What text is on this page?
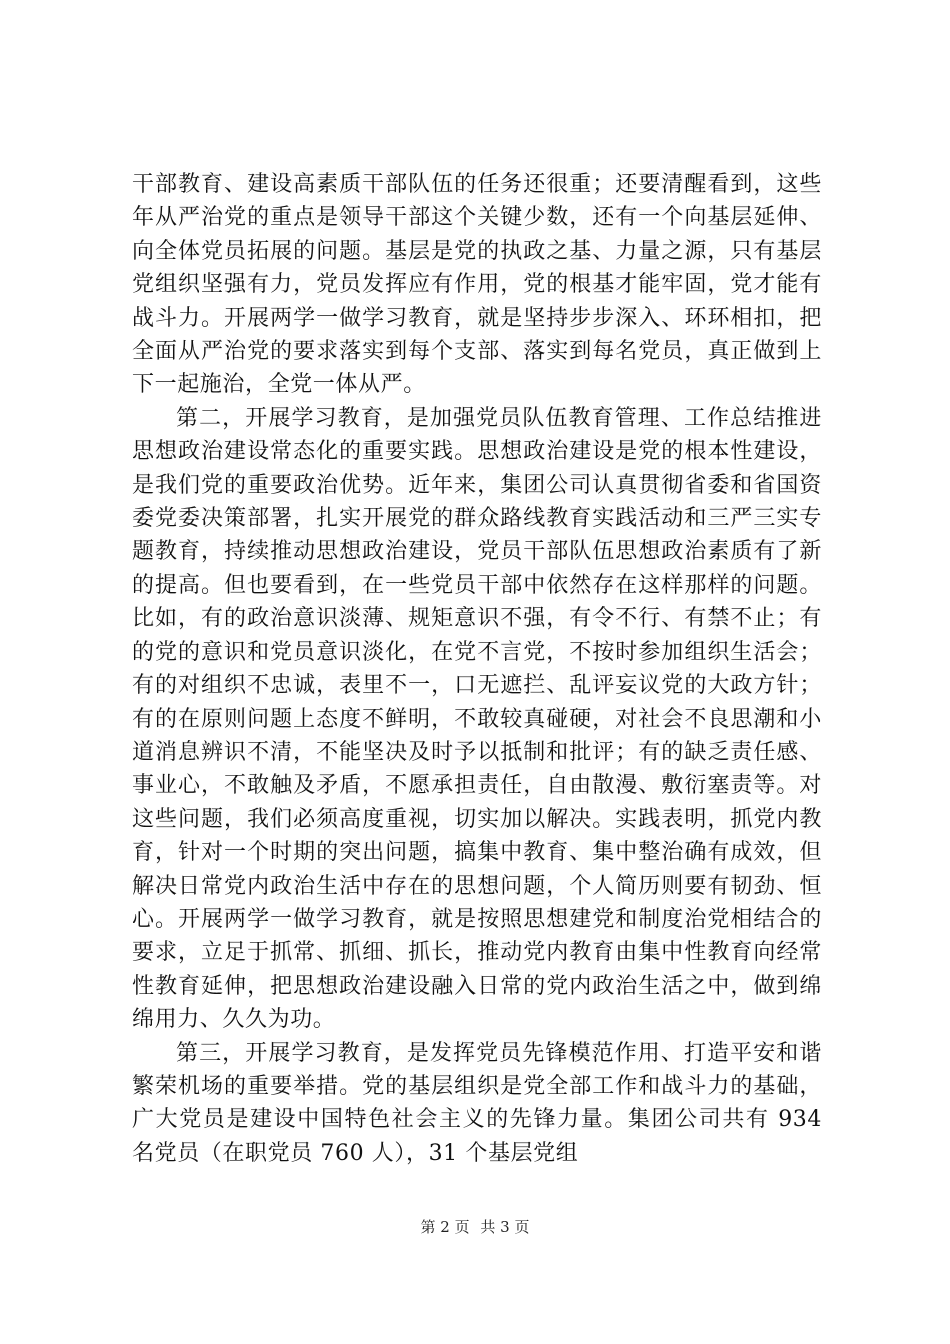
干部教育、建设高素质干部队伍的任务还很重；还要清醒看到，这些年从严治党的重点是领导干部这个关键少数，还有一个向基层延伸、向全体党员拓展的问题。基层是党的执政之基、力量之源，只有基层党组织坚强有力，党员发挥应有作用，党的根基才能牢固，党才能有战斗力。开展两学一做学习教育，就是坚持步步深入、环环相扣，把全面从严治党的要求落实到每个支部、落实到每名党员，真正做到上下一起施治，全党一体从严。

第二，开展学习教育，是加强党员队伍教育管理、工作总结推进思想政治建设常态化的重要实践。思想政治建设是党的根本性建设，是我们党的重要政治优势。近年来，集团公司认真贯彻省委和省国资委党委决策部署，扎实开展党的群众路线教育实践活动和三严三实专题教育，持续推动思想政治建设，党员干部队伍思想政治素质有了新的提高。但也要看到，在一些党员干部中依然存在这样那样的问题。比如，有的政治意识淡薄、规矩意识不强，有令不行、有禁不止；有的党的意识和党员意识淡化，在党不言党，不按时参加组织生活会；有的对组织不忠诚，表里不一，口无遮拦、乱评妄议党的大政方针；有的在原则问题上态度不鲜明，不敢较真碰硬，对社会不良思潮和小道消息辨识不清，不能坚决及时予以抵制和批评；有的缺乏责任感、事业心，不敢触及矛盾，不愿承担责任，自由散漫、敷衍塞责等。对这些问题，我们必须高度重视，切实加以解决。实践表明，抓党内教育，针对一个时期的突出问题，搞集中教育、集中整治确有成效，但解决日常党内政治生活中存在的思想问题，个人简历则要有韧劲、恒心。开展两学一做学习教育，就是按照思想建党和制度治党相结合的要求，立足于抓常、抓细、抓长，推动党内教育由集中性教育向经常性教育延伸，把思想政治建设融入日常的党内政治生活之中，做到绵绵用力、久久为功。

第三，开展学习教育，是发挥党员先锋模范作用、打造平安和谐繁荣机场的重要举措。党的基层组织是党全部工作和战斗力的基础，广大党员是建设中国特色社会主义的先锋力量。集团公司共有 934 名党员（在职党员 760 人），31 个基层党组

第 2 页 共 3 页
